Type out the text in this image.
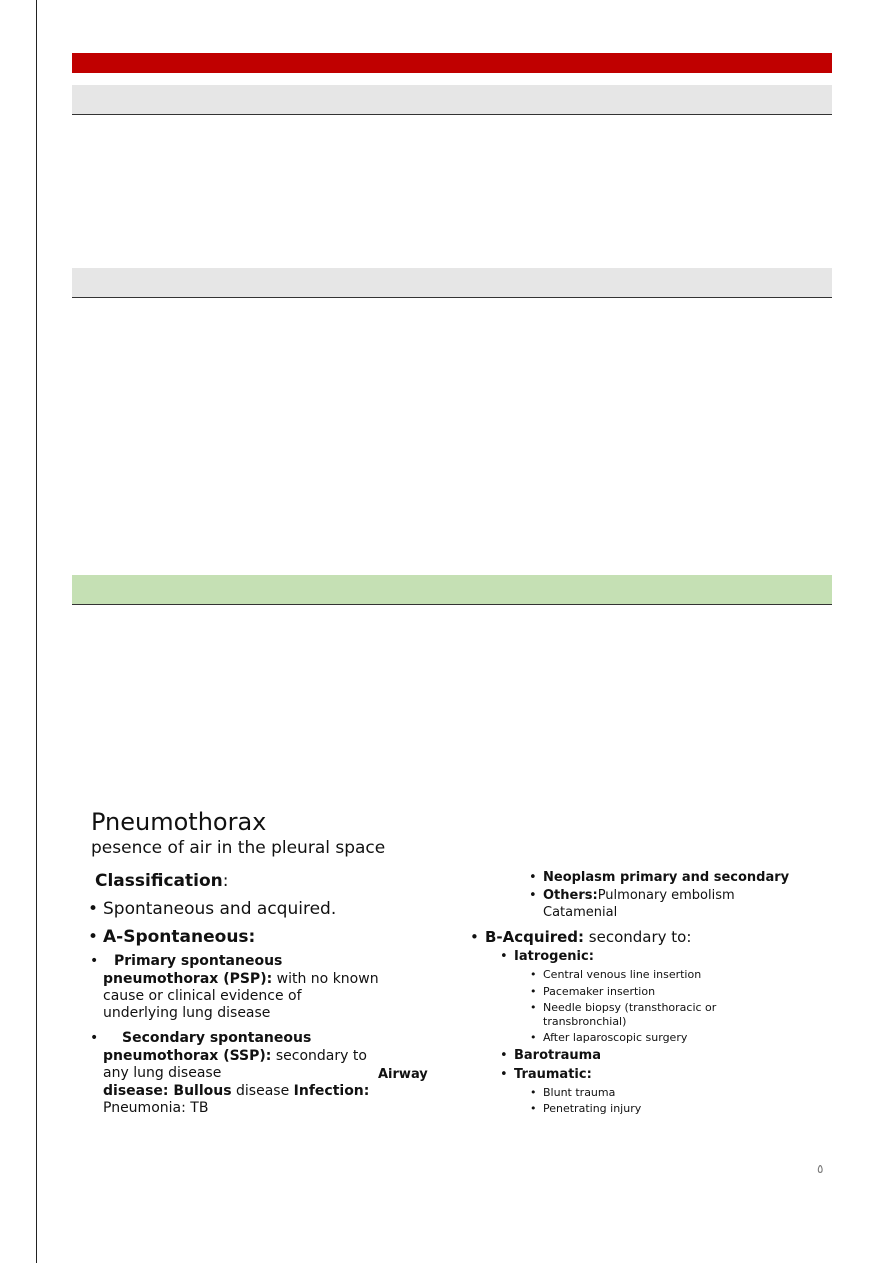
Pneumothorax
pesence of air in the pleural space
Classification:
• Spontaneous and acquired.
• A-Spontaneous:
• Primary spontaneous
pneumothorax (PSP): with no known
cause or clinical evidence of
underlying lung disease
• Secondary spontaneous
pneumothorax (SSP): secondary to
any lung disease	Airway
disease: Bullous disease Infection:
Pneumonia: TB
• Neoplasm primary and secondary
• Others:Pulmonary embolism
Catamenial
• B-Acquired: secondary to:
• Iatrogenic:
• Central venous line insertion
• Pacemaker insertion
• Needle biopsy (transthoracic or
transbronchial)
• After laparoscopic surgery
• Barotrauma
• Traumatic:
• Blunt trauma
• Penetrating injury
٥
